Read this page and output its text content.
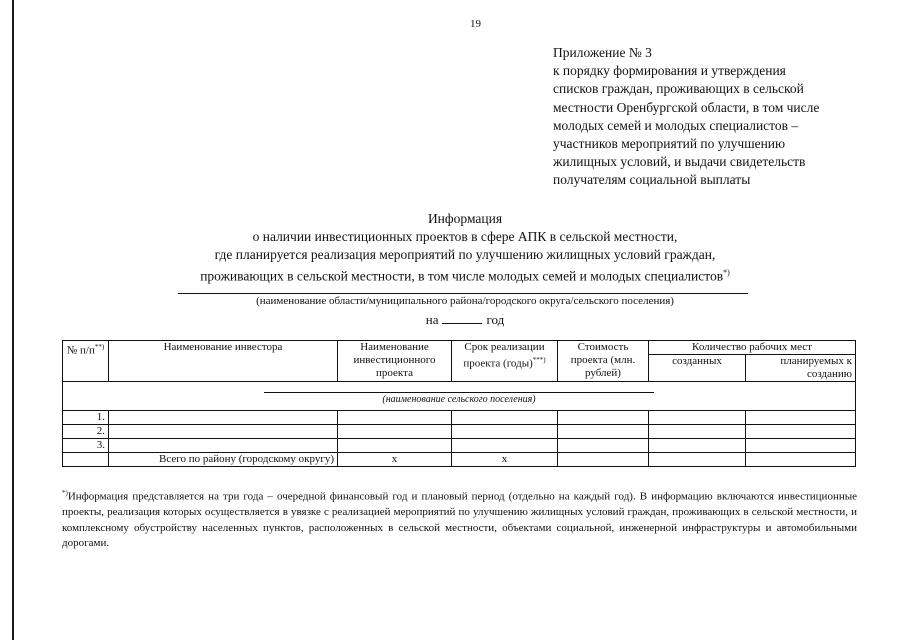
19
Приложение № 3
к порядку формирования и утверждения
списков граждан, проживающих в сельской
местности Оренбургской области, в том числе
молодых семей и молодых специалистов –
участников мероприятий по улучшению
жилищных условий, и выдачи свидетельств
получателям социальной выплаты
Информация
о наличии инвестиционных проектов в сфере АПК в сельской местности,
где планируется реализация мероприятий по улучшению жилищных условий граждан,
проживающих в сельской местности, в том числе молодых семей и молодых специалистов*)
(наименование области/муниципального района/городского округа/сельского поселения)
на	год
№ п/п**)	Наименование инвестора	Наименование инвестиционного проекта	Срок реализации проекта (годы)***)	Стоимость проекта (млн. рублей)	Количество рабочих мест	
					созданных	планируемых к созданию

(наименование сельского поселения)						

1.						
2.						
3.						
	Всего по району (городскому округу)	x	x			
*)Информация представляется на три года – очередной финансовый год и плановый период (отдельно на каждый год). В информацию включаются инвестиционные проекты, реализация которых осуществляется в увязке с реализацией мероприятий по улучшению жилищных условий граждан, проживающих в сельской местности, и комплексному обустройству населенных пунктов, расположенных в сельской местности, объектами социальной, инженерной инфраструктуры и автомобильными дорогами.
